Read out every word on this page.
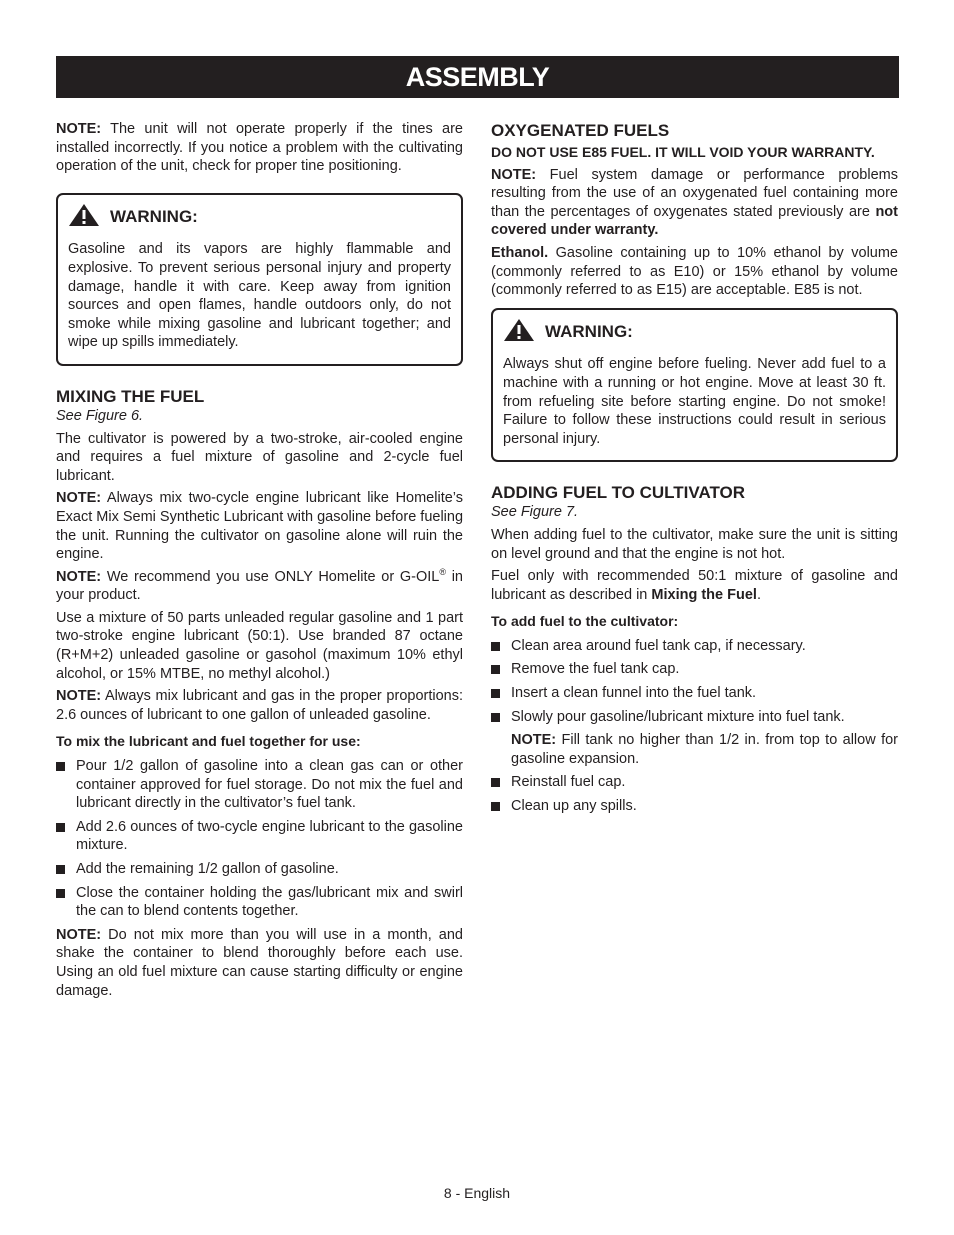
ASSEMBLY

NOTE: The unit will not operate properly if the tines are installed incorrectly. If you notice a problem with the cultivating operation of the unit, check for proper tine positioning.

WARNING:

Gasoline and its vapors are highly flammable and explosive. To prevent serious personal injury and property damage, handle it with care. Keep away from ignition sources and open flames, handle outdoors only, do not smoke while mixing gasoline and lubricant together; and wipe up spills immediately.

MIXING THE FUEL

See Figure 6.

The cultivator is powered by a two-stroke, air-cooled engine and requires a fuel mixture of gasoline and 2-cycle fuel lubricant.

NOTE: Always mix two-cycle engine lubricant like Homelite’s Exact Mix Semi Synthetic Lubricant with gasoline before fueling the unit. Running the cultivator on gasoline alone will ruin the engine.

NOTE: We recommend you use ONLY Homelite or G-OIL® in your product.

Use a mixture of 50 parts unleaded regular gasoline and 1 part two-stroke engine lubricant (50:1). Use branded 87 octane (R+M+2) unleaded gasoline or gasohol (maximum 10% ethyl alcohol, or 15% MTBE, no methyl alcohol.)

NOTE: Always mix lubricant and gas in the proper proportions: 2.6 ounces of lubricant to one gallon of unleaded gasoline.

To mix the lubricant and fuel together for use:
Pour 1/2 gallon of gasoline into a clean gas can or other container approved for fuel storage. Do not mix the fuel and lubricant directly in the cultivator’s fuel tank.
Add 2.6 ounces of two-cycle engine lubricant to the gasoline mixture.
Add the remaining 1/2 gallon of gasoline.
Close the container holding the gas/lubricant mix and swirl the can to blend contents together.

NOTE: Do not mix more than you will use in a month, and shake the container to blend thoroughly before each use. Using an old fuel mixture can cause starting difficulty or engine damage.

OXYGENATED FUELS

DO NOT USE E85 FUEL. IT WILL VOID YOUR WARRANTY.

NOTE: Fuel system damage or performance problems resulting from the use of an oxygenated fuel containing more than the percentages of oxygenates stated previously are not covered under warranty.

Ethanol. Gasoline containing up to 10% ethanol by volume (commonly referred to as E10) or 15% ethanol by volume (commonly referred to as E15) are acceptable. E85 is not.

WARNING:

Always shut off engine before fueling. Never add fuel to a machine with a running or hot engine. Move at least 30 ft. from refueling site before starting engine. Do not smoke! Failure to follow these instructions could result in serious personal injury.

ADDING FUEL TO CULTIVATOR

See Figure 7.

When adding fuel to the cultivator, make sure the unit is sitting on level ground and that the engine is not hot.

Fuel only with recommended 50:1 mixture of gasoline and lubricant as described in Mixing the Fuel.

To add fuel to the cultivator:
Clean area around fuel tank cap, if necessary.
Remove the fuel tank cap.
Insert a clean funnel into the fuel tank.
Slowly pour gasoline/lubricant mixture into fuel tank.

NOTE: Fill tank no higher than 1/2 in. from top to allow for gasoline expansion.

Reinstall fuel cap.
Clean up any spills.
8 - English
